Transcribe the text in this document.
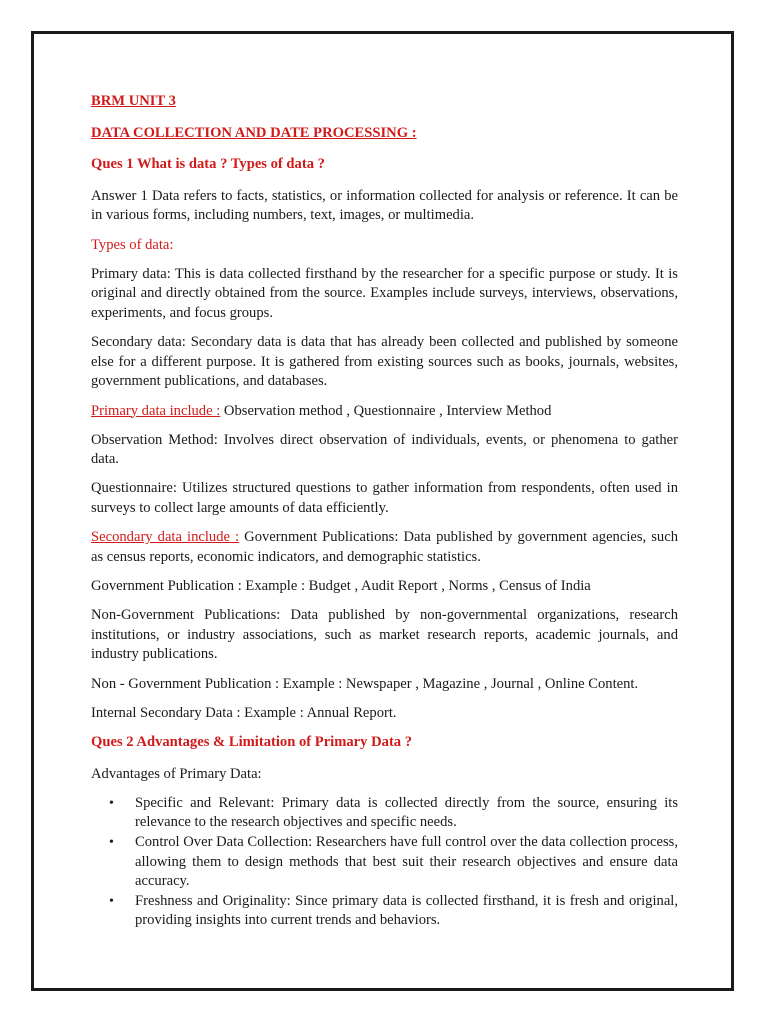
BRM UNIT 3

DATA COLLECTION AND DATE PROCESSING :

Ques 1 What is data ? Types of data ?

Answer 1 Data refers to facts, statistics, or information collected for analysis or reference. It can be in various forms, including numbers, text, images, or multimedia.

Types of data:

Primary data: This is data collected firsthand by the researcher for a specific purpose or study. It is original and directly obtained from the source. Examples include surveys, interviews, observations, experiments, and focus groups.

Secondary data: Secondary data is data that has already been collected and published by someone else for a different purpose. It is gathered from existing sources such as books, journals, websites, government publications, and databases.

Primary data include : Observation method , Questionnaire , Interview Method

Observation Method: Involves direct observation of individuals, events, or phenomena to gather data.

Questionnaire: Utilizes structured questions to gather information from respondents, often used in surveys to collect large amounts of data efficiently.

Secondary data include : Government Publications: Data published by government agencies, such as census reports, economic indicators, and demographic statistics.

Government Publication : Example : Budget , Audit Report , Norms , Census of India

Non-Government Publications: Data published by non-governmental organizations, research institutions, or industry associations, such as market research reports, academic journals, and industry publications.

Non - Government Publication : Example : Newspaper , Magazine , Journal , Online Content.

Internal Secondary Data : Example : Annual Report.

Ques 2 Advantages & Limitation of Primary Data ?

Advantages of Primary Data:

• Specific and Relevant: Primary data is collected directly from the source, ensuring its relevance to the research objectives and specific needs.
• Control Over Data Collection: Researchers have full control over the data collection process, allowing them to design methods that best suit their research objectives and ensure data accuracy.
• Freshness and Originality: Since primary data is collected firsthand, it is fresh and original, providing insights into current trends and behaviors.
